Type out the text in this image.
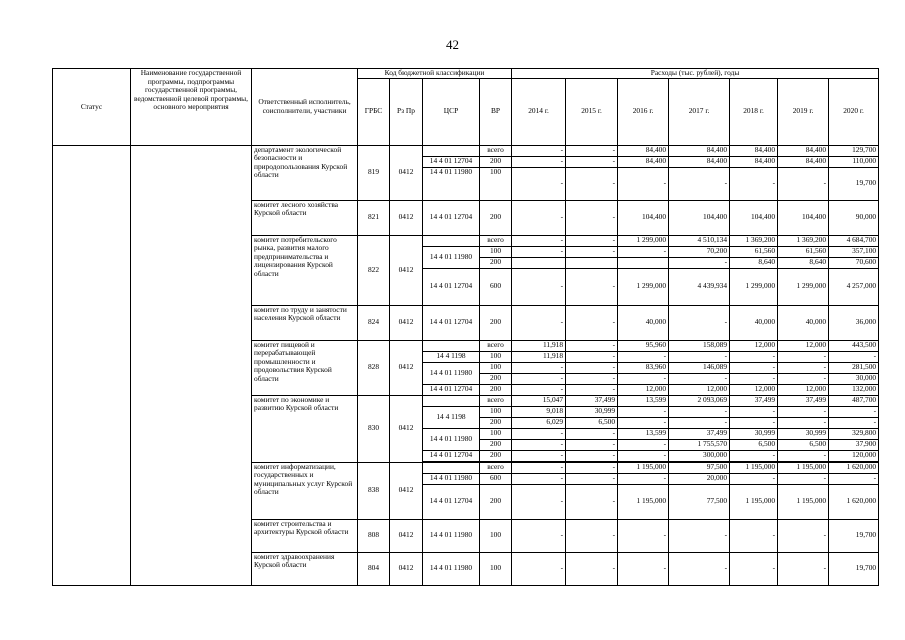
42
Статус	Наименование государственной программы, подпрограммы государственной программы, ведомственной целевой программы, основного мероприятия	Ответственный исполнитель, соисполнители, участники	Код бюджетной классификации				Расходы (тыс. рублей), годы						
			ГРБС	Рз Пр	ЦСР	ВР	2014 г.	2015 г.	2016 г.	2017 г.	2018 г.	2019 г.	2020 г.
		департамент экологической безопасности и природопользования Курской области	819	0412		всего	-	-	84,400	84,400	84,400	84,400	129,700
					14 4 01 12704	200	-	-	84,400	84,400	84,400	84,400	110,000
					14 4 01 11980	100	-	-	-	-	-	-	19,700
		комитет лесного хозяйства Курской области	821	0412	14 4 01 12704	200	-	-	104,400	104,400	104,400	104,400	90,000
		комитет потребительского рынка, развития малого предпринимательства и лицензирования Курской области	822	0412		всего	-	-	1 299,000	4 510,134	1 369,200	1 369,200	4 684,700
					14 4 01 11980	100	-	-	-	70,200	61,560	61,560	357,100
						200				-	8,640	8,640	70,600
					14 4 01 12704	600	-	-	1 299,000	4 439,934	1 299,000	1 299,000	4 257,000
		комитет по труду и занятости населения Курской области	824	0412	14 4 01 12704	200	-	-	40,000	-	40,000	40,000	36,000
		комитет пищевой и перерабатывающей промышленности и продовольствия Курской области	828	0412		всего	11,918	-	95,960	158,089	12,000	12,000	443,500
					14 4 1198	100	11,918	-	-	-	-	-	-
					14 4 01 11980	100	-	-	83,960	146,089	-	-	281,500
						200	-	-	-	-	-	-	30,000
					14 4 01 12704	200	-	-	12,000	12,000	12,000	12,000	132,000
		комитет по экономике и развитию Курской области	830	0412		всего	15,047	37,499	13,599	2 093,069	37,499	37,499	487,700
					14 4 1198	100	9,018	30,999	-	-	-	-	-
						200	6,029	6,500	-	-	-	-	-
					14 4 01 11980	100	-	-	13,599	37,499	30,999	30,999	329,800
						200	-	-	-	1 755,570	6,500	6,500	37,900
					14 4 01 12704	200	-	-	-	300,000	-	-	120,000

		комитет информатизации, государственных и муниципальных услуг Курской области	838	0412		всего	-	-	1 195,000	97,500	1 195,000	1 195,000	1 620,000
					14 4 01 11980	600	-	-	-	20,000	-	-	-
					14 4 01 12704	200	-	-	1 195,000	77,500	1 195,000	1 195,000	1 620,000
		комитет строительства и архитектуры Курской области	808	0412	14 4 01 11980	100	-	-	-	-	-	-	19,700
		комитет здравоохранения Курской области	804	0412	14 4 01 11980	100	-	-	-	-	-	-	19,700
